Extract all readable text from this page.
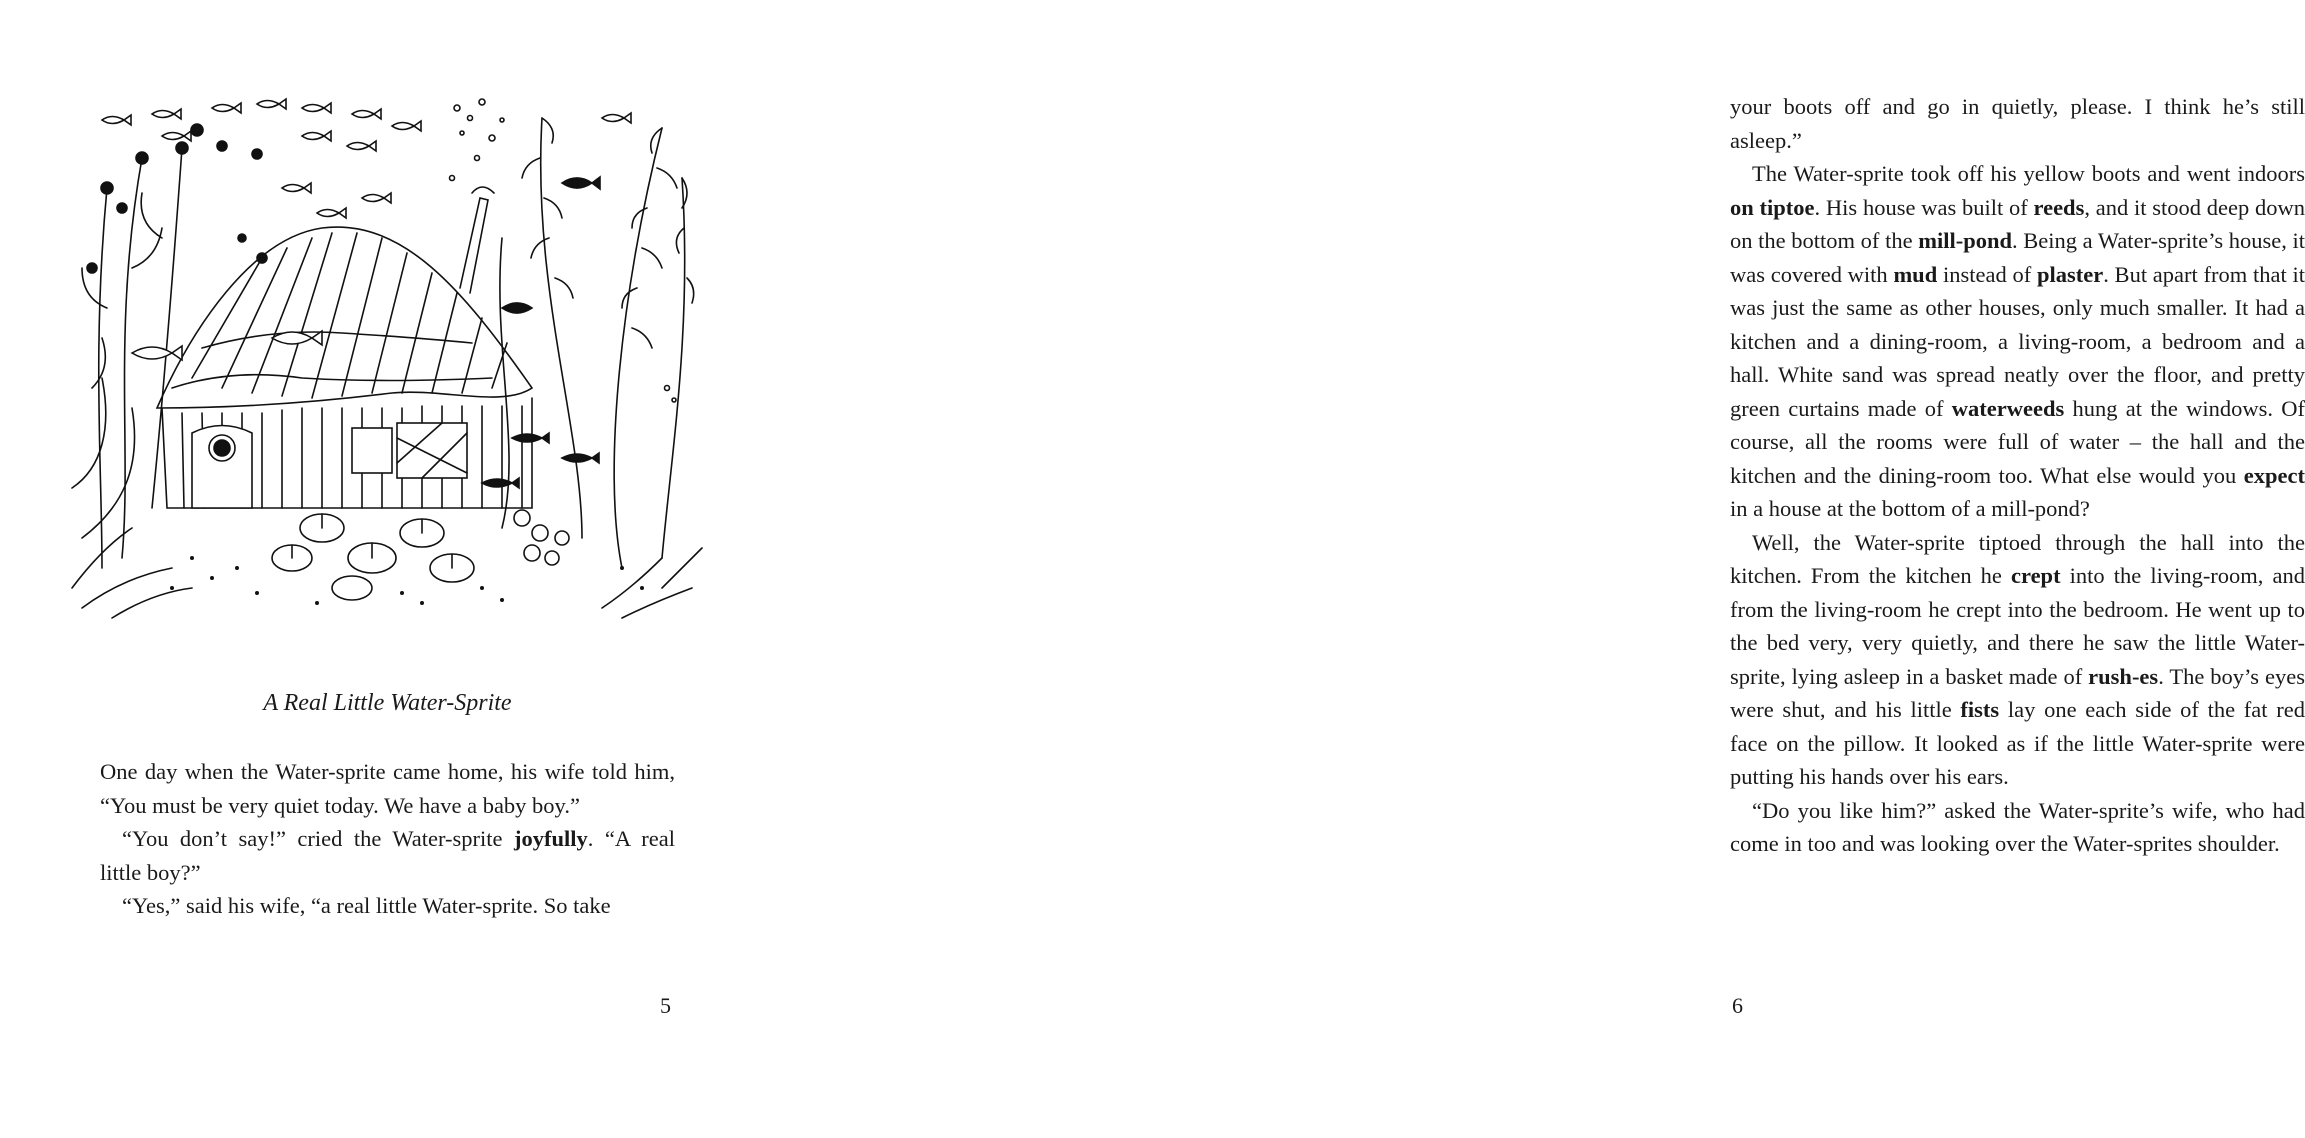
A Real Little Water-Sprite

One day when the Water-sprite came home, his wife told him, “You must be very quiet today. We have a baby boy.”

“You don’t say!” cried the Water-sprite joyfully. “A real little boy?”

“Yes,” said his wife, “a real little Water-sprite. So take

5

your boots off and go in quietly, please. I think he’s still asleep.”

The Water-sprite took off his yellow boots and went indoors on tiptoe. His house was built of reeds, and it stood deep down on the bottom of the mill-pond. Being a Water-sprite’s house, it was covered with mud instead of plaster. But apart from that it was just the same as other houses, only much smaller. It had a kitchen and a dining-room, a living-room, a bedroom and a hall. White sand was spread neatly over the floor, and pretty green curtains made of waterweeds hung at the windows. Of course, all the rooms were full of water – the hall and the kitchen and the dining-room too. What else would you expect in a house at the bottom of a mill-pond?

Well, the Water-sprite tiptoed through the hall into the kitchen. From the kitchen he crept into the living-room, and from the living-room he crept into the bedroom. He went up to the bed very, very quietly, and there he saw the little Water-sprite, lying asleep in a basket made of rush-es. The boy’s eyes were shut, and his little fists lay one each side of the fat red face on the pillow. It looked as if the little Water-sprite were putting his hands over his ears.

“Do you like him?” asked the Water-sprite’s wife, who had come in too and was looking over the Water-sprites shoulder.

6
